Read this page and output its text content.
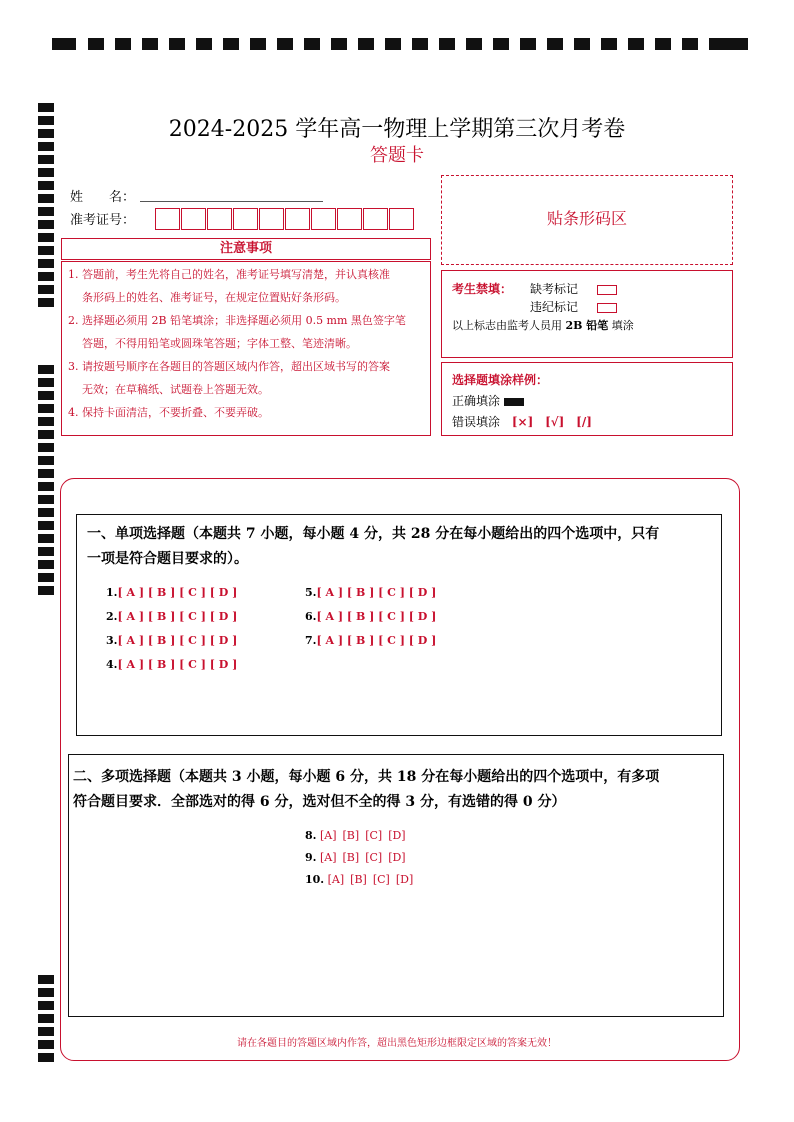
2024-2025 学年高一物理上学期第三次月考卷
答题卡
姓　　名：
准考证号：	贴条形码区
注意事项
1. 答题前，考生先将自己的姓名，准考证号填写清楚，并认真核准
条形码上的姓名、准考证号，在规定位置贴好条形码。
2. 选择题必须用 2B 铅笔填涂；非选择题必须用 0.5 mm 黑色签字笔
答题，不得用铅笔或圆珠笔答题；字体工整、笔迹清晰。
3. 请按题号顺序在各题目的答题区域内作答，超出区域书写的答案
无效；在草稿纸、试题卷上答题无效。
4. 保持卡面清洁，不要折叠、不要弄破。
考生禁填： 缺考标记
违纪标记
以上标志由监考人员用 2B 铅笔 填涂
选择题填涂样例：
正确填涂
错误填涂 [×] [√] [/]
一、单项选择题（本题共 7 小题，每小题 4 分，共 28 分在每小题给出的四个选项中，只有
一项是符合题目要求的）。
1.[ A ] [ B ] [ C ] [ D ]
2.[ A ] [ B ] [ C ] [ D ]
3.[ A ] [ B ] [ C ] [ D ]
4.[ A ] [ B ] [ C ] [ D ]
5.[ A ] [ B ] [ C ] [ D ]
6.[ A ] [ B ] [ C ] [ D ]
7.[ A ] [ B ] [ C ] [ D ]
二、多项选择题（本题共 3 小题，每小题 6 分，共 18 分在每小题给出的四个选项中，有多项
符合题目要求．全部选对的得 6 分，选对但不全的得 3 分，有选错的得 0 分）
8. [A] [B] [C] [D]
9. [A] [B] [C] [D]
10. [A] [B] [C] [D]
请在各题目的答题区域内作答，超出黑色矩形边框限定区域的答案无效！
